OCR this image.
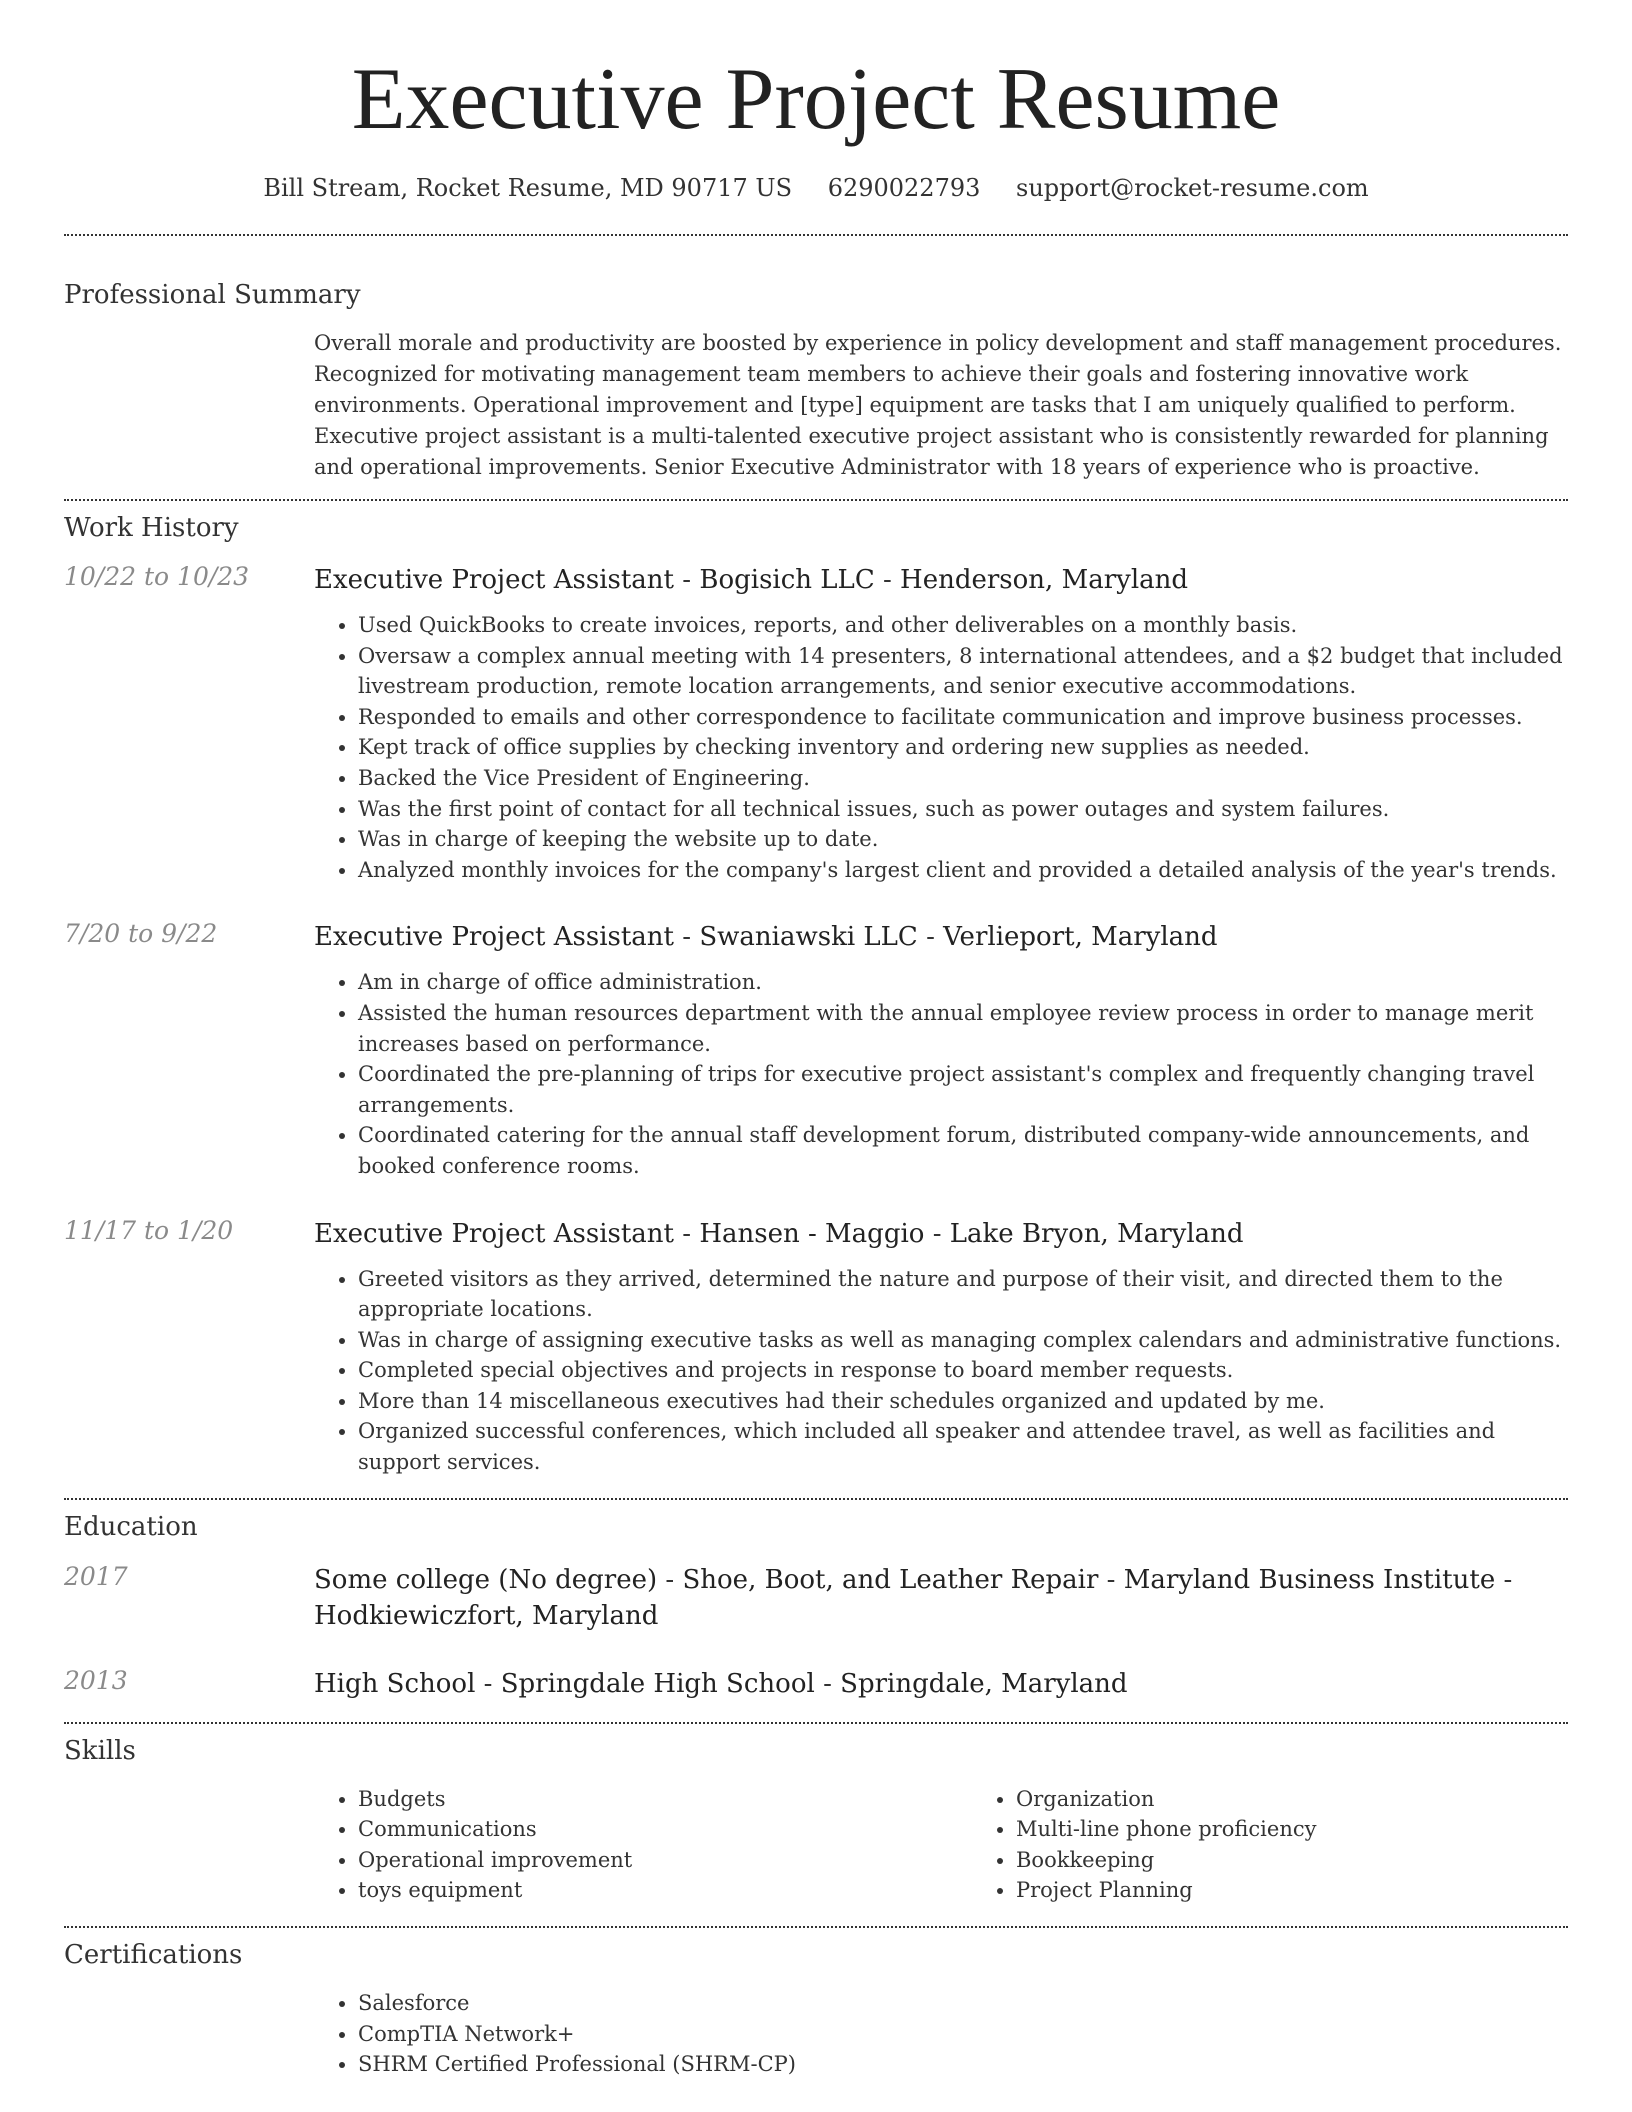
Executive Project Resume
Bill Stream, Rocket Resume, MD 90717 US 6290022793 support@rocket-resume.com
Professional Summary
Overall morale and productivity are boosted by experience in policy development and staff management procedures. Recognized for motivating management team members to achieve their goals and fostering innovative work environments. Operational improvement and [type] equipment are tasks that I am uniquely qualified to perform. Executive project assistant is a multi-talented executive project assistant who is consistently rewarded for planning and operational improvements. Senior Executive Administrator with 18 years of experience who is proactive.
Work History
10/22 to 10/23	Executive Project Assistant - Bogisich LLC - Henderson, Maryland
• Used QuickBooks to create invoices, reports, and other deliverables on a monthly basis.
• Oversaw a complex annual meeting with 14 presenters, 8 international attendees, and a $2 budget that included livestream production, remote location arrangements, and senior executive accommodations.
• Responded to emails and other correspondence to facilitate communication and improve business processes.
• Kept track of office supplies by checking inventory and ordering new supplies as needed.
• Backed the Vice President of Engineering.
• Was the first point of contact for all technical issues, such as power outages and system failures.
• Was in charge of keeping the website up to date.
• Analyzed monthly invoices for the company's largest client and provided a detailed analysis of the year's trends.
7/20 to 9/22	Executive Project Assistant - Swaniawski LLC - Verlieport, Maryland
• Am in charge of office administration.
• Assisted the human resources department with the annual employee review process in order to manage merit increases based on performance.
• Coordinated the pre-planning of trips for executive project assistant's complex and frequently changing travel arrangements.
• Coordinated catering for the annual staff development forum, distributed company-wide announcements, and booked conference rooms.
11/17 to 1/20	Executive Project Assistant - Hansen - Maggio - Lake Bryon, Maryland
• Greeted visitors as they arrived, determined the nature and purpose of their visit, and directed them to the appropriate locations.
• Was in charge of assigning executive tasks as well as managing complex calendars and administrative functions.
• Completed special objectives and projects in response to board member requests.
• More than 14 miscellaneous executives had their schedules organized and updated by me.
• Organized successful conferences, which included all speaker and attendee travel, as well as facilities and support services.
Education
2017	Some college (No degree) - Shoe, Boot, and Leather Repair - Maryland Business Institute - Hodkiewiczfort, Maryland
2013	High School - Springdale High School - Springdale, Maryland
Skills
• Budgets
• Communications
• Operational improvement
• toys equipment
• Organization
• Multi-line phone proficiency
• Bookkeeping
• Project Planning
Certifications
• Salesforce
• CompTIA Network+
• SHRM Certified Professional (SHRM-CP)
